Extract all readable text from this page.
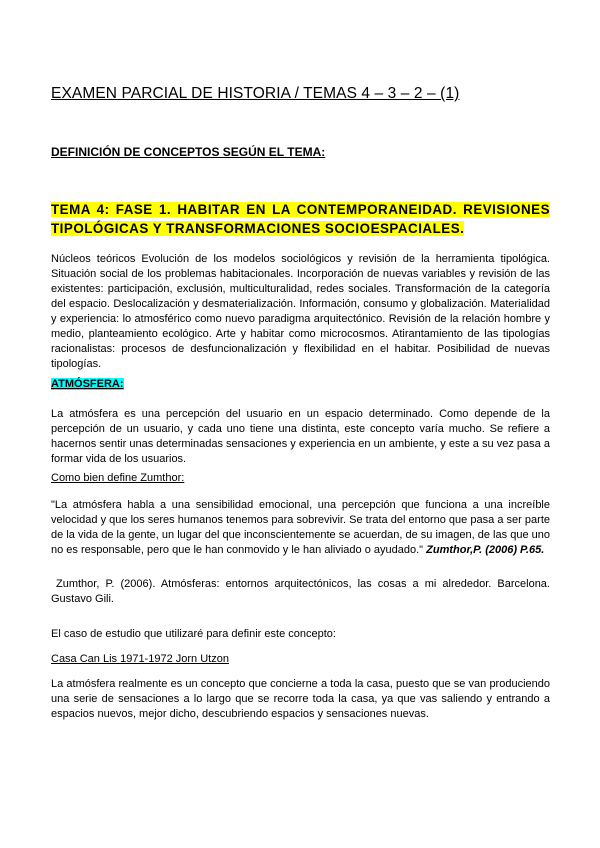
EXAMEN PARCIAL DE HISTORIA / TEMAS 4 – 3 – 2 – (1)
DEFINICIÓN DE CONCEPTOS SEGÚN EL TEMA:
TEMA 4: FASE 1. HABITAR EN LA CONTEMPORANEIDAD. REVISIONES TIPOLÓGICAS Y TRANSFORMACIONES SOCIOESPACIALES.

Núcleos teóricos Evolución de los modelos sociológicos y revisión de la herramienta tipológica. Situación social de los problemas habitacionales. Incorporación de nuevas variables y revisión de las existentes: participación, exclusión, multiculturalidad, redes sociales. Transformación de la categoría del espacio. Deslocalización y desmaterialización. Información, consumo y globalización. Materialidad y experiencia: lo atmosférico como nuevo paradigma arquitectónico. Revisión de la relación hombre y medio, planteamiento ecológico. Arte y habitar como microcosmos. Atirantamiento de las tipologías racionalistas: procesos de desfuncionalización y flexibilidad en el habitar. Posibilidad de nuevas tipologías.

ATMÓSFERA:

La atmósfera es una percepción del usuario en un espacio determinado. Como depende de la percepción de un usuario, y cada uno tiene una distinta, este concepto varía mucho. Se refiere a hacernos sentir unas determinadas sensaciones y experiencia en un ambiente, y este a su vez pasa a formar vida de los usuarios.

Como bien define Zumthor:

"La atmósfera habla a una sensibilidad emocional, una percepción que funciona a una increíble velocidad y que los seres humanos tenemos para sobrevivir. Se trata del entorno que pasa a ser parte de la vida de la gente, un lugar del que inconscientemente se acuerdan, de su imagen, de las que uno no es responsable, pero que le han conmovido y le han aliviado o ayudado." Zumthor,P. (2006) P.65.

Zumthor, P. (2006). Atmósferas: entornos arquitectónicos, las cosas a mi alrededor. Barcelona. Gustavo Gili.

El caso de estudio que utilizaré para definir este concepto:

Casa Can Lis 1971-1972 Jorn Utzon

La atmósfera realmente es un concepto que concierne a toda la casa, puesto que se van produciendo una serie de sensaciones a lo largo que se recorre toda la casa, ya que vas saliendo y entrando a espacios nuevos, mejor dicho, descubriendo espacios y sensaciones nuevas.
